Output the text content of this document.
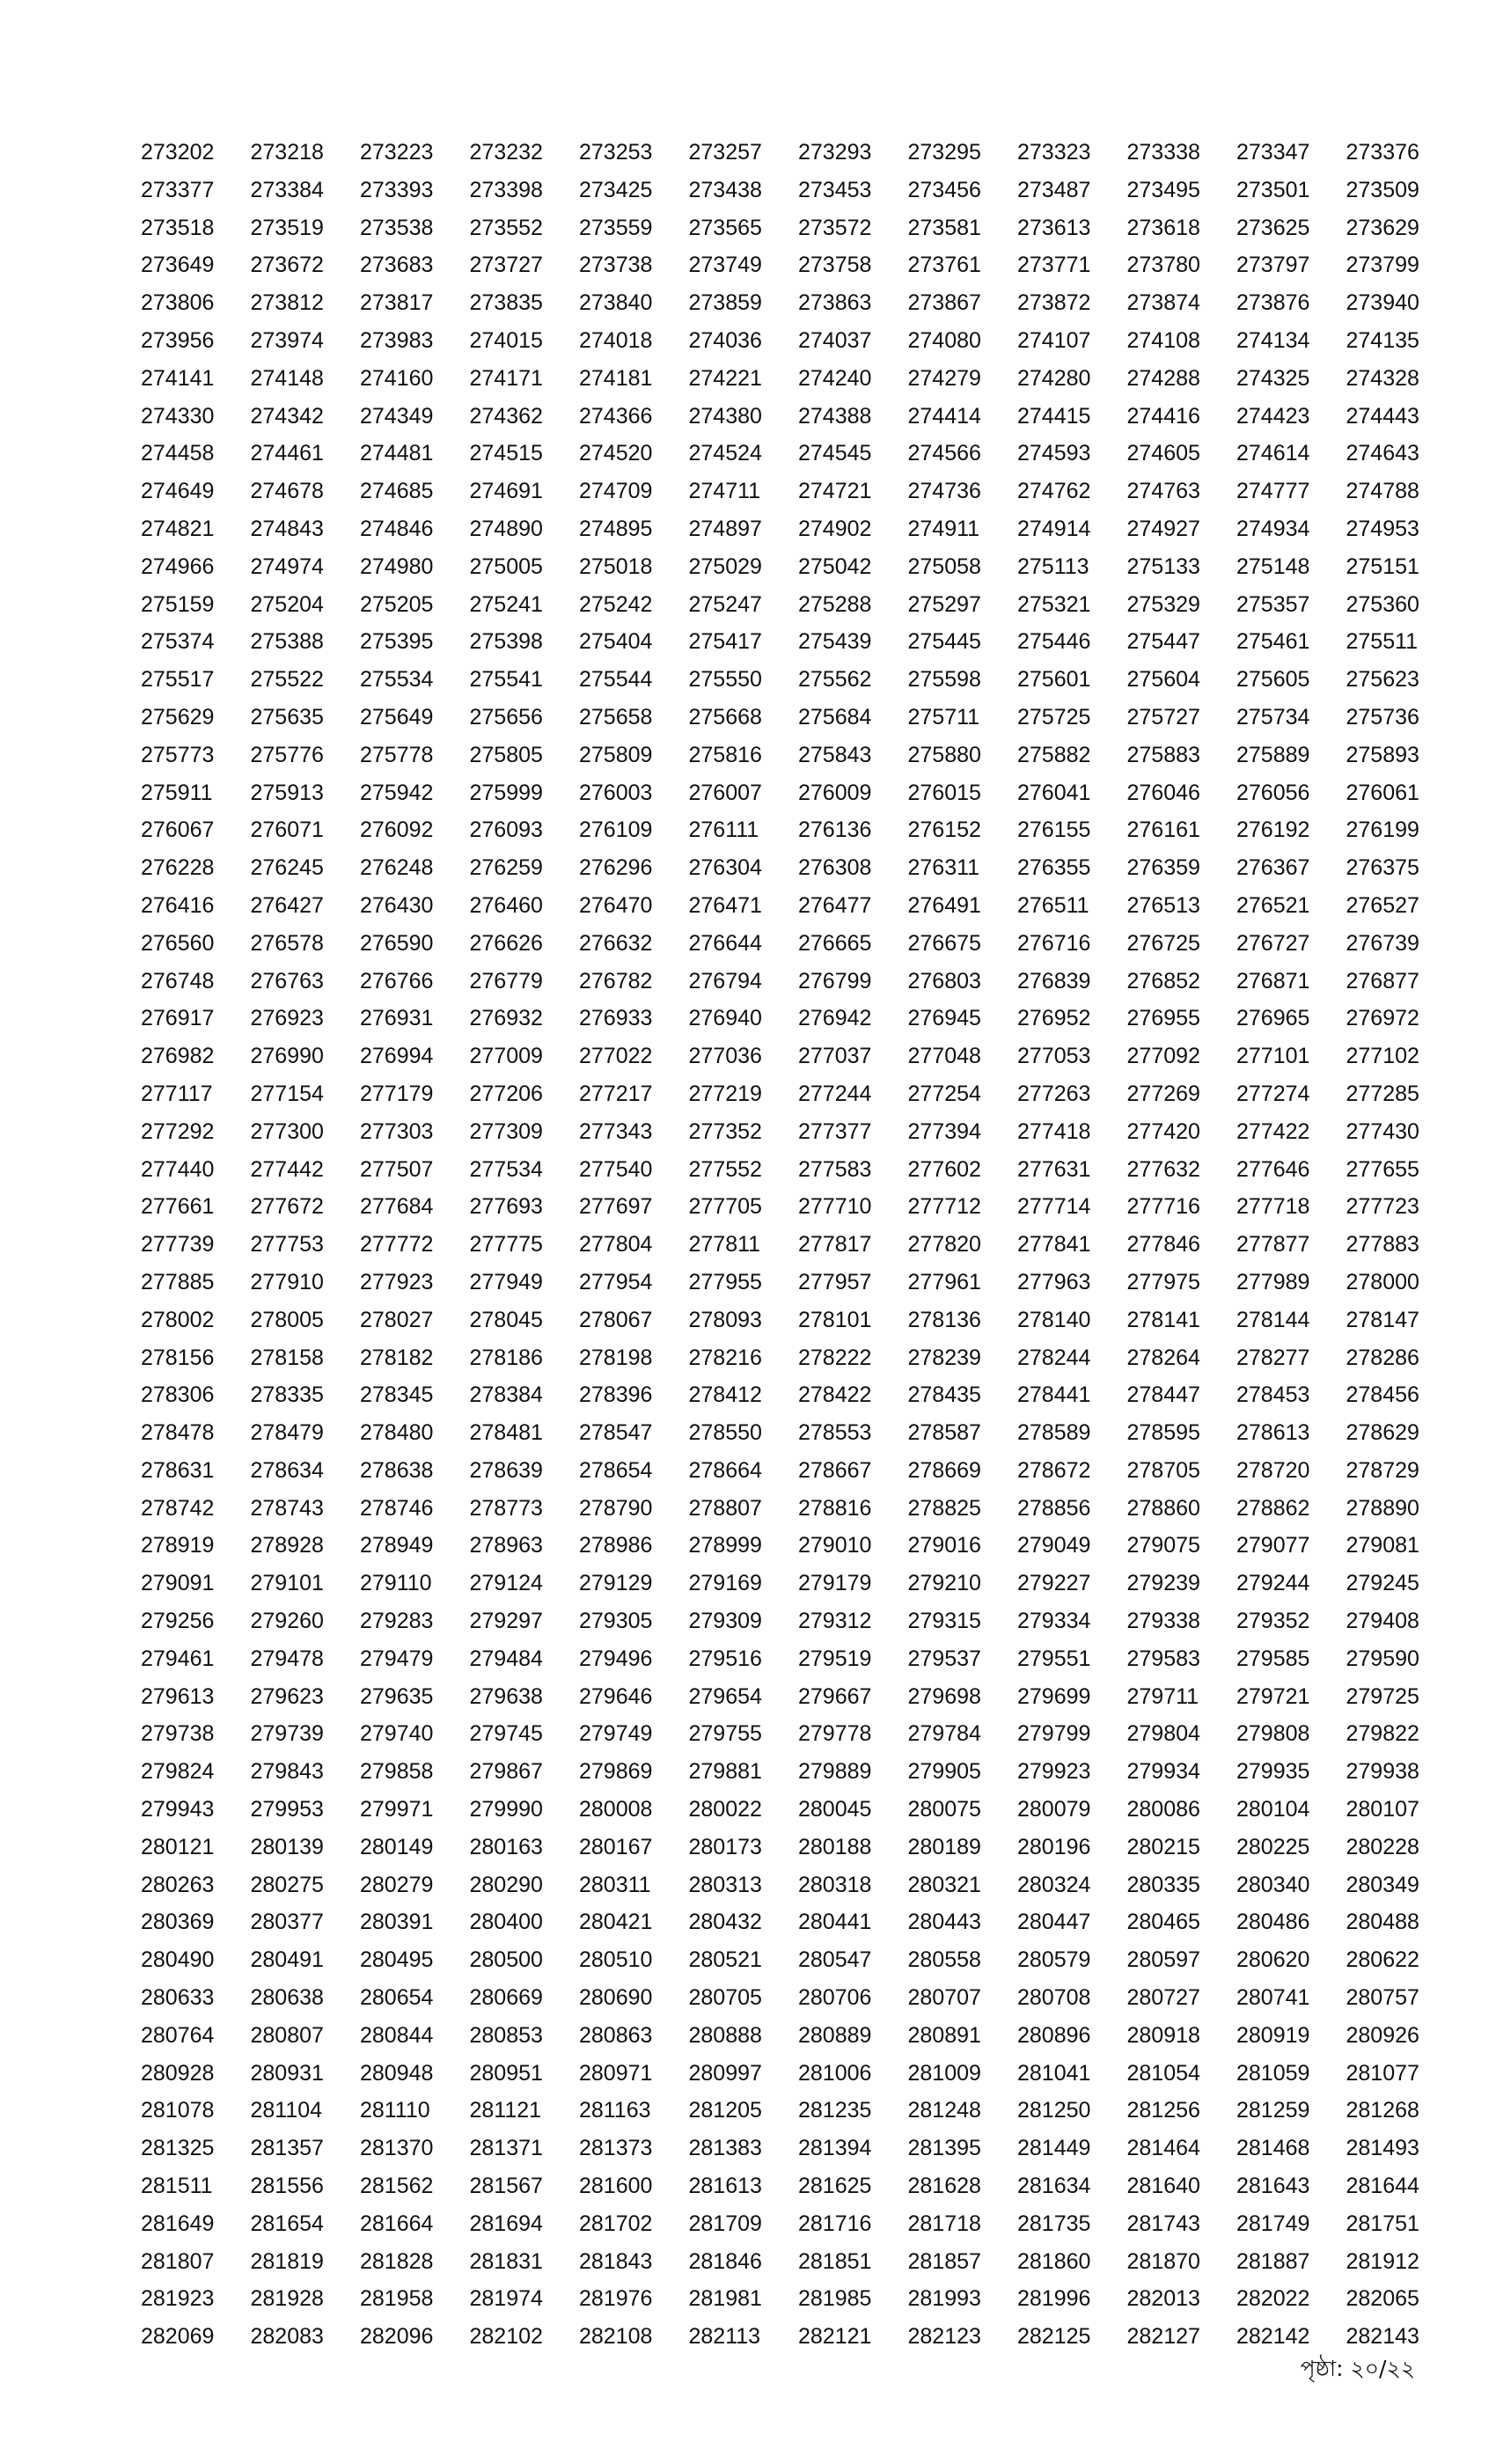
273202	273218	273223	273232	273253	273257	273293	273295	273323	273338	273347	273376
273377	273384	273393	273398	273425	273438	273453	273456	273487	273495	273501	273509
273518	273519	273538	273552	273559	273565	273572	273581	273613	273618	273625	273629
273649	273672	273683	273727	273738	273749	273758	273761	273771	273780	273797	273799
273806	273812	273817	273835	273840	273859	273863	273867	273872	273874	273876	273940
273956	273974	273983	274015	274018	274036	274037	274080	274107	274108	274134	274135
274141	274148	274160	274171	274181	274221	274240	274279	274280	274288	274325	274328
274330	274342	274349	274362	274366	274380	274388	274414	274415	274416	274423	274443
274458	274461	274481	274515	274520	274524	274545	274566	274593	274605	274614	274643
274649	274678	274685	274691	274709	274711	274721	274736	274762	274763	274777	274788
274821	274843	274846	274890	274895	274897	274902	274911	274914	274927	274934	274953
274966	274974	274980	275005	275018	275029	275042	275058	275113	275133	275148	275151
275159	275204	275205	275241	275242	275247	275288	275297	275321	275329	275357	275360
275374	275388	275395	275398	275404	275417	275439	275445	275446	275447	275461	275511
275517	275522	275534	275541	275544	275550	275562	275598	275601	275604	275605	275623
275629	275635	275649	275656	275658	275668	275684	275711	275725	275727	275734	275736
275773	275776	275778	275805	275809	275816	275843	275880	275882	275883	275889	275893
275911	275913	275942	275999	276003	276007	276009	276015	276041	276046	276056	276061
276067	276071	276092	276093	276109	276111	276136	276152	276155	276161	276192	276199
276228	276245	276248	276259	276296	276304	276308	276311	276355	276359	276367	276375
276416	276427	276430	276460	276470	276471	276477	276491	276511	276513	276521	276527
276560	276578	276590	276626	276632	276644	276665	276675	276716	276725	276727	276739
276748	276763	276766	276779	276782	276794	276799	276803	276839	276852	276871	276877
276917	276923	276931	276932	276933	276940	276942	276945	276952	276955	276965	276972
276982	276990	276994	277009	277022	277036	277037	277048	277053	277092	277101	277102
277117	277154	277179	277206	277217	277219	277244	277254	277263	277269	277274	277285
277292	277300	277303	277309	277343	277352	277377	277394	277418	277420	277422	277430
277440	277442	277507	277534	277540	277552	277583	277602	277631	277632	277646	277655
277661	277672	277684	277693	277697	277705	277710	277712	277714	277716	277718	277723
277739	277753	277772	277775	277804	277811	277817	277820	277841	277846	277877	277883
277885	277910	277923	277949	277954	277955	277957	277961	277963	277975	277989	278000
278002	278005	278027	278045	278067	278093	278101	278136	278140	278141	278144	278147
278156	278158	278182	278186	278198	278216	278222	278239	278244	278264	278277	278286
278306	278335	278345	278384	278396	278412	278422	278435	278441	278447	278453	278456
278478	278479	278480	278481	278547	278550	278553	278587	278589	278595	278613	278629
278631	278634	278638	278639	278654	278664	278667	278669	278672	278705	278720	278729
278742	278743	278746	278773	278790	278807	278816	278825	278856	278860	278862	278890
278919	278928	278949	278963	278986	278999	279010	279016	279049	279075	279077	279081
279091	279101	279110	279124	279129	279169	279179	279210	279227	279239	279244	279245
279256	279260	279283	279297	279305	279309	279312	279315	279334	279338	279352	279408
279461	279478	279479	279484	279496	279516	279519	279537	279551	279583	279585	279590
279613	279623	279635	279638	279646	279654	279667	279698	279699	279711	279721	279725
279738	279739	279740	279745	279749	279755	279778	279784	279799	279804	279808	279822
279824	279843	279858	279867	279869	279881	279889	279905	279923	279934	279935	279938
279943	279953	279971	279990	280008	280022	280045	280075	280079	280086	280104	280107
280121	280139	280149	280163	280167	280173	280188	280189	280196	280215	280225	280228
280263	280275	280279	280290	280311	280313	280318	280321	280324	280335	280340	280349
280369	280377	280391	280400	280421	280432	280441	280443	280447	280465	280486	280488
280490	280491	280495	280500	280510	280521	280547	280558	280579	280597	280620	280622
280633	280638	280654	280669	280690	280705	280706	280707	280708	280727	280741	280757
280764	280807	280844	280853	280863	280888	280889	280891	280896	280918	280919	280926
280928	280931	280948	280951	280971	280997	281006	281009	281041	281054	281059	281077
281078	281104	281110	281121	281163	281205	281235	281248	281250	281256	281259	281268
281325	281357	281370	281371	281373	281383	281394	281395	281449	281464	281468	281493
281511	281556	281562	281567	281600	281613	281625	281628	281634	281640	281643	281644
281649	281654	281664	281694	281702	281709	281716	281718	281735	281743	281749	281751
281807	281819	281828	281831	281843	281846	281851	281857	281860	281870	281887	281912
281923	281928	281958	281974	281976	281981	281985	281993	281996	282013	282022	282065
282069	282083	282096	282102	282108	282113	282121	282123	282125	282127	282142	282143
পৃষ্ঠা: ২০/২২
